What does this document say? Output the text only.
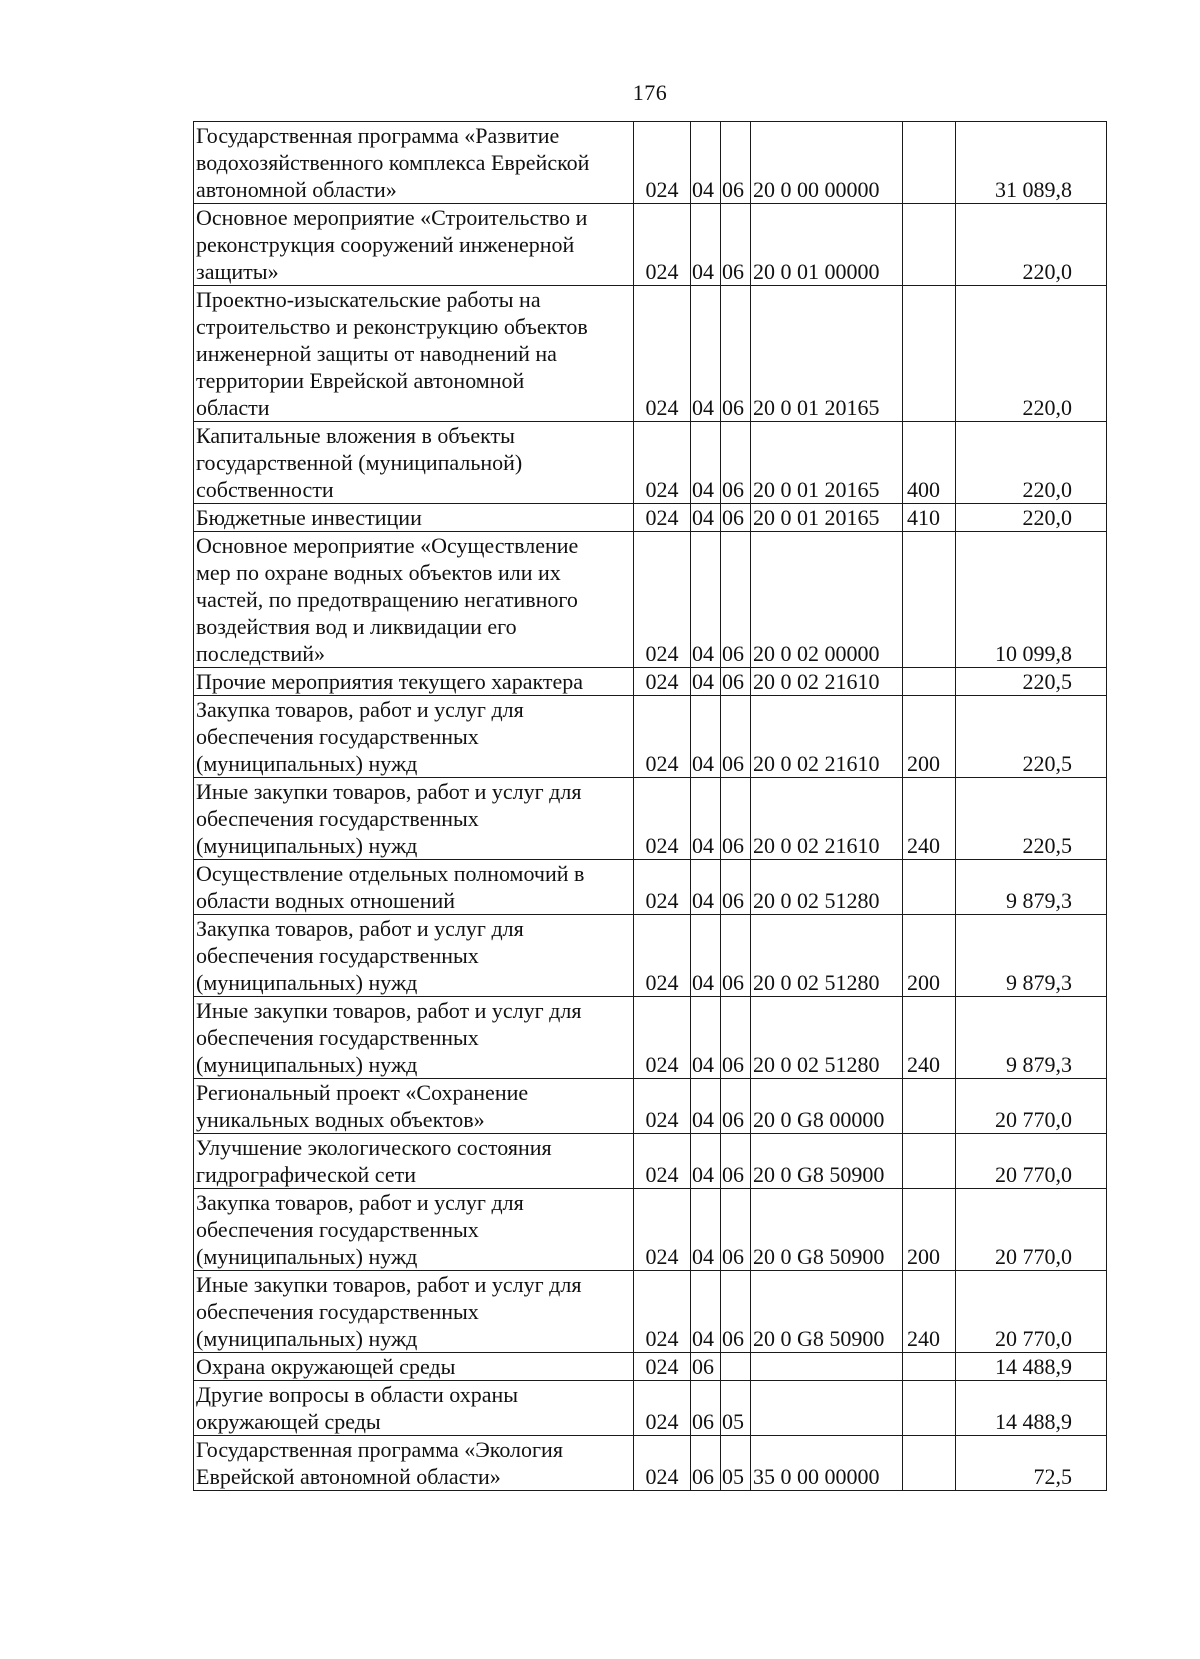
176
Государственная программа «Развитие
водохозяйственного комплекса Еврейской
автономной области»	024	04	06	20 0 00 00000		31 089,8

Основное мероприятие «Строительство и
реконструкция сооружений инженерной
защиты»	024	04	06	20 0 01 00000		220,0

Проектно-изыскательские работы на
строительство и реконструкцию объектов
инженерной защиты от наводнений на
территории Еврейской автономной
области	024	04	06	20 0 01 20165		220,0

Капитальные вложения в объекты
государственной (муниципальной)
собственности	024	04	06	20 0 01 20165	400	220,0

Бюджетные инвестиции	024	04	06	20 0 01 20165	410	220,0

Основное мероприятие «Осуществление
мер по охране водных объектов или их
частей, по предотвращению негативного
воздействия вод и ликвидации его
последствий»	024	04	06	20 0 02 00000		10 099,8

Прочие мероприятия текущего характера	024	04	06	20 0 02 21610		220,5

Закупка товаров, работ и услуг для
обеспечения государственных
(муниципальных) нужд	024	04	06	20 0 02 21610	200	220,5

Иные закупки товаров, работ и услуг для
обеспечения государственных
(муниципальных) нужд	024	04	06	20 0 02 21610	240	220,5

Осуществление отдельных полномочий в
области водных отношений	024	04	06	20 0 02 51280		9 879,3

Закупка товаров, работ и услуг для
обеспечения государственных
(муниципальных) нужд	024	04	06	20 0 02 51280	200	9 879,3

Иные закупки товаров, работ и услуг для
обеспечения государственных
(муниципальных) нужд	024	04	06	20 0 02 51280	240	9 879,3

Региональный проект «Сохранение
уникальных водных объектов»	024	04	06	20 0 G8 00000		20 770,0

Улучшение экологического состояния
гидрографической сети	024	04	06	20 0 G8 50900		20 770,0

Закупка товаров, работ и услуг для
обеспечения государственных
(муниципальных) нужд	024	04	06	20 0 G8 50900	200	20 770,0

Иные закупки товаров, работ и услуг для
обеспечения государственных
(муниципальных) нужд	024	04	06	20 0 G8 50900	240	20 770,0

Охрана окружающей среды	024	06				14 488,9

Другие вопросы в области охраны
окружающей среды	024	06	05			14 488,9

Государственная программа «Экология
Еврейской автономной области»	024	06	05	35 0 00 00000		72,5
